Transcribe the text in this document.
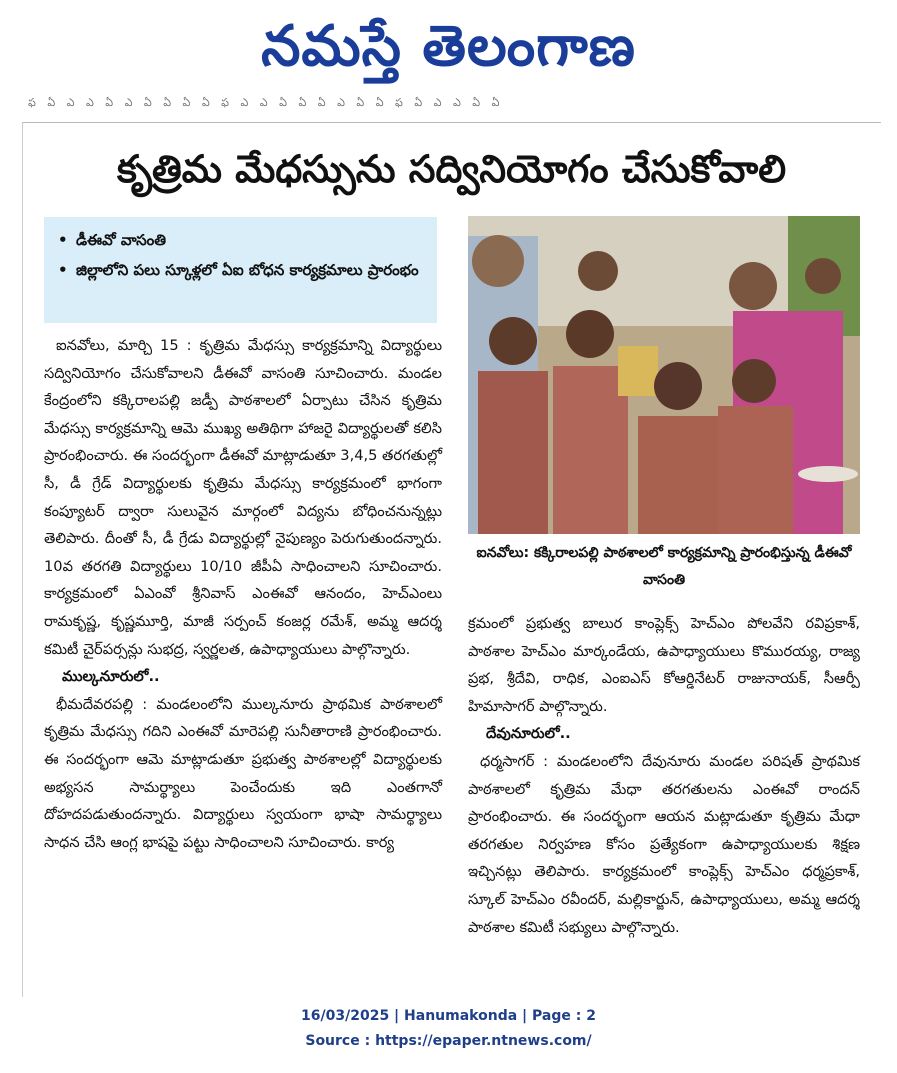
నమస్తే తెలంగాణ
ఫ ఏ ఎ ఎ ఏ ఎ ఏ ఏ ఏ ఏ ఫ ఎ ఎ ఏ ఏ ఏ ఎ ఏ ఏ ఫ ఏ ఎ ఎ ఏ ఏ
కృత్రిమ మేధస్సును సద్వినియోగం చేసుకోవాలి
• డీఈవో వాసంతి
• జిల్లాలోని పలు స్కూళ్లలో ఏఐ బోధన కార్యక్రమాలు ప్రారంభం

ఐనవోలు, మార్చి 15 : కృత్రిమ మేధస్సు కార్యక్రమాన్ని విద్యార్థులు సద్వినియోగం చేసుకోవాలని డీఈవో వాసంతి సూచించారు. మండల కేంద్రంలోని కక్కిరాలపల్లి జడ్పీ పాఠశాలలో ఏర్పాటు చేసిన కృత్రిమ మేధస్సు కార్యక్రమాన్ని ఆమె ముఖ్య అతిథిగా హాజరై విద్యార్థులతో కలిసి ప్రారంభించారు. ఈ సందర్భంగా డీఈవో మాట్లాడుతూ 3,4,5 తరగతుల్లో సీ, డీ గ్రేడ్ విద్యార్థులకు కృత్రిమ మేధస్సు కార్యక్రమంలో భాగంగా కంప్యూటర్ ద్వారా సులువైన మార్గంలో విద్యను బోధించనున్నట్లు తెలిపారు. దీంతో సీ, డీ గ్రేడు విద్యార్థుల్లో నైపుణ్యం పెరుగుతుందన్నారు. 10వ తరగతి విద్యార్థులు 10/10 జీపీఏ సాధించాలని సూచించారు. కార్యక్రమంలో ఏఎంవో శ్రీనివాస్ ఎంఈవో ఆనందం, హెచ్ఎంలు రామకృష్ణ, కృష్ణమూర్తి, మాజీ సర్పంచ్ కంజర్ల రమేశ్, అమ్మ ఆదర్శ కమిటీ చైర్‌పర్సన్లు సుభద్ర, స్వర్ణలత, ఉపాధ్యాయులు పాల్గొన్నారు.

ముల్కనూరులో..

భీమదేవరపల్లి : మండలంలోని ముల్కనూరు ప్రాథమిక పాఠశాలలో కృత్రిమ మేధస్సు గదిని ఎంఈవో మారెపల్లి సునీతారాణి ప్రారంభించారు. ఈ సందర్భంగా ఆమె మాట్లాడుతూ ప్రభుత్వ పాఠశాలల్లో విద్యార్థులకు అభ్యసన సామర్థ్యాలు పెంచేందుకు ఇది ఎంతగానో దోహదపడుతుందన్నారు. విద్యార్థులు స్వయంగా భాషా సామర్థ్యాలు సాధన చేసి ఆంగ్ల భాషపై పట్టు సాధించాలని సూచించారు. కార్య

ఐనవోలు: కక్కిరాలపల్లి పాఠశాలలో కార్యక్రమాన్ని ప్రారంభిస్తున్న డీఈవో వాసంతి

క్రమంలో ప్రభుత్వ బాలుర కాంప్లెక్స్ హెచ్ఎం పోలవేని రవిప్రకాశ్, పాఠశాల హెచ్ఎం మార్కండేయ, ఉపాధ్యాయులు కొమురయ్య, రాజ్య ప్రభ, శ్రీదేవి, రాధిక, ఎంఐఎస్ కోఆర్డినేటర్ రాజునాయక్, సీఆర్పీ హిమాసాగర్ పాల్గొన్నారు.

దేవునూరులో..

ధర్మసాగర్ : మండలంలోని దేవునూరు మండల పరిషత్ ప్రాథమిక పాఠశాలలో కృత్రిమ మేధా తరగతులను ఎంఈవో రాందన్ ప్రారంభించారు. ఈ సందర్భంగా ఆయన మట్లాడుతూ కృత్రిమ మేధా తరగతుల నిర్వహణ కోసం ప్రత్యేకంగా ఉపాధ్యాయులకు శిక్షణ ఇచ్చినట్లు తెలిపారు. కార్యక్రమంలో కాంప్లెక్స్ హెచ్ఎం ధర్మప్రకాశ్, స్కూల్ హెచ్ఎం రవీందర్, మల్లికార్జున్, ఉపాధ్యాయులు, అమ్మ ఆదర్శ పాఠశాల కమిటీ సభ్యులు పాల్గొన్నారు.

16/03/2025 | Hanumakonda | Page : 2
Source : https://epaper.ntnews.com/
